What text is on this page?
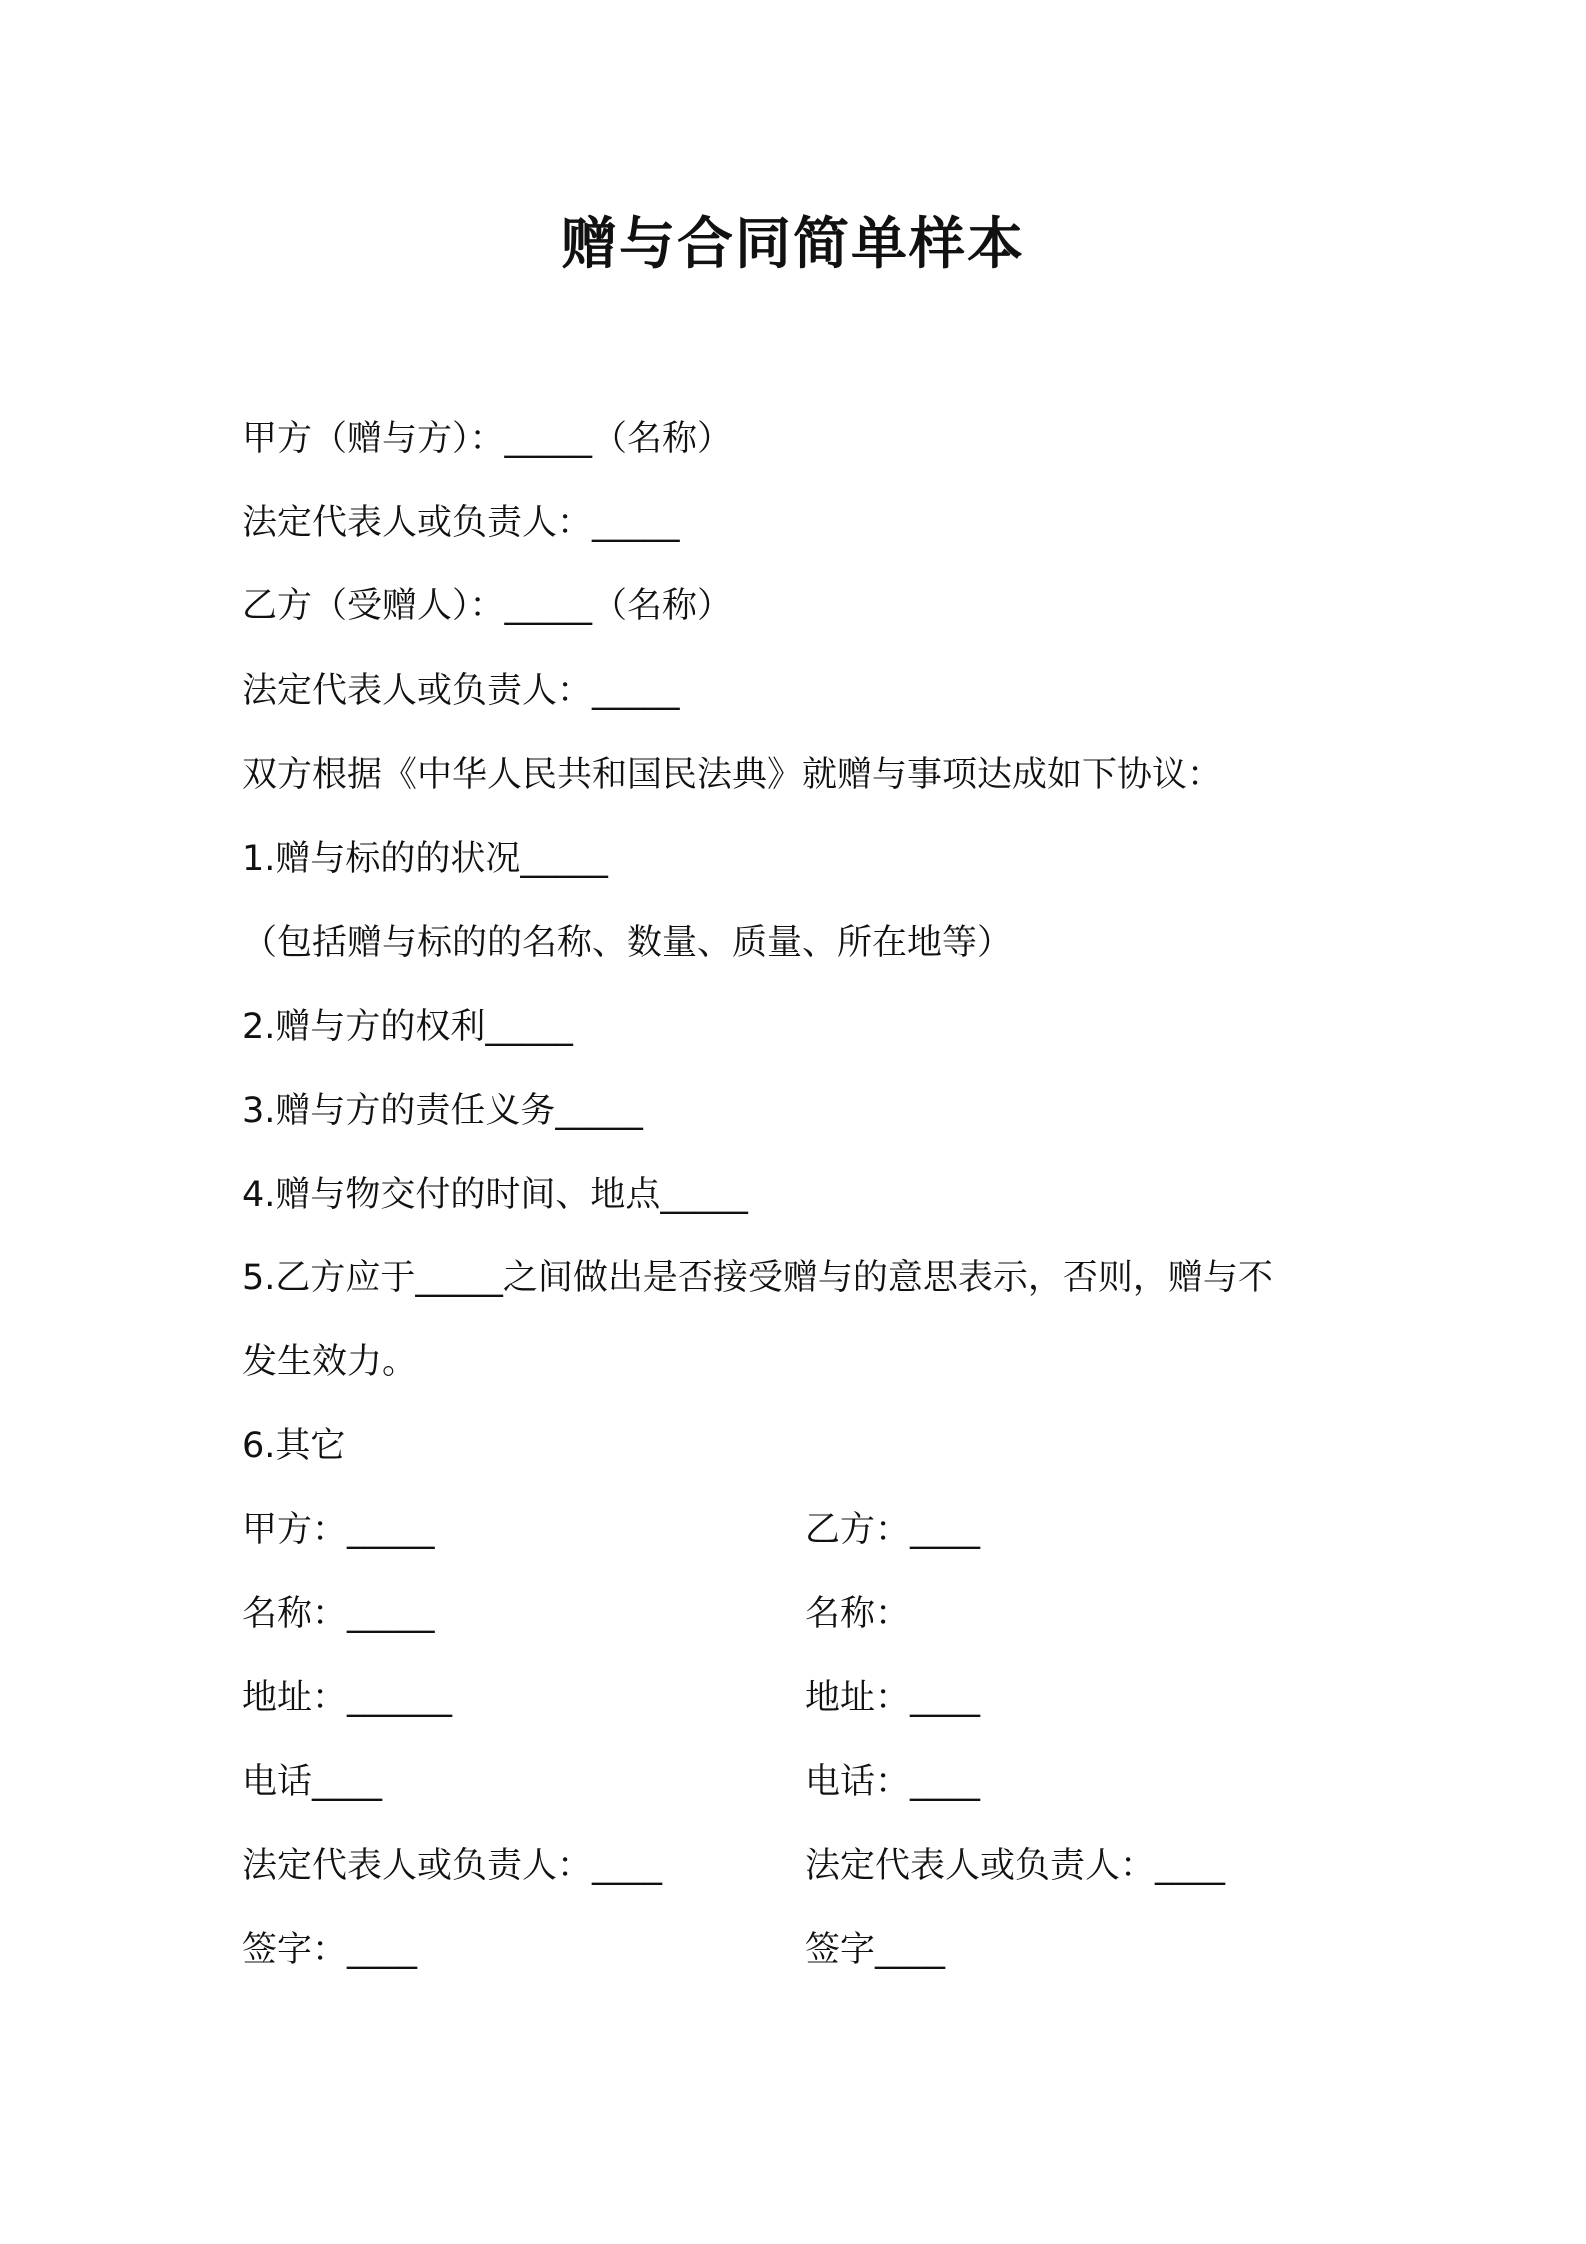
赠与合同简单样本
甲方（赠与方）：_____（名称）
法定代表人或负责人：_____
乙方（受赠人）：_____（名称）
法定代表人或负责人：_____
双方根据《中华人民共和国民法典》就赠与事项达成如下协议：
1.赠与标的的状况_____
（包括赠与标的的名称、数量、质量、所在地等）
2.赠与方的权利_____
3.赠与方的责任义务_____
4.赠与物交付的时间、地点_____
5.乙方应于_____之间做出是否接受赠与的意思表示，否则，赠与不
发生效力。
6.其它
甲方：_____
名称：_____
地址：______
电话____
法定代表人或负责人：____
签字：____
乙方：____
名称：
地址：____
电话：____
法定代表人或负责人：____
签字____
